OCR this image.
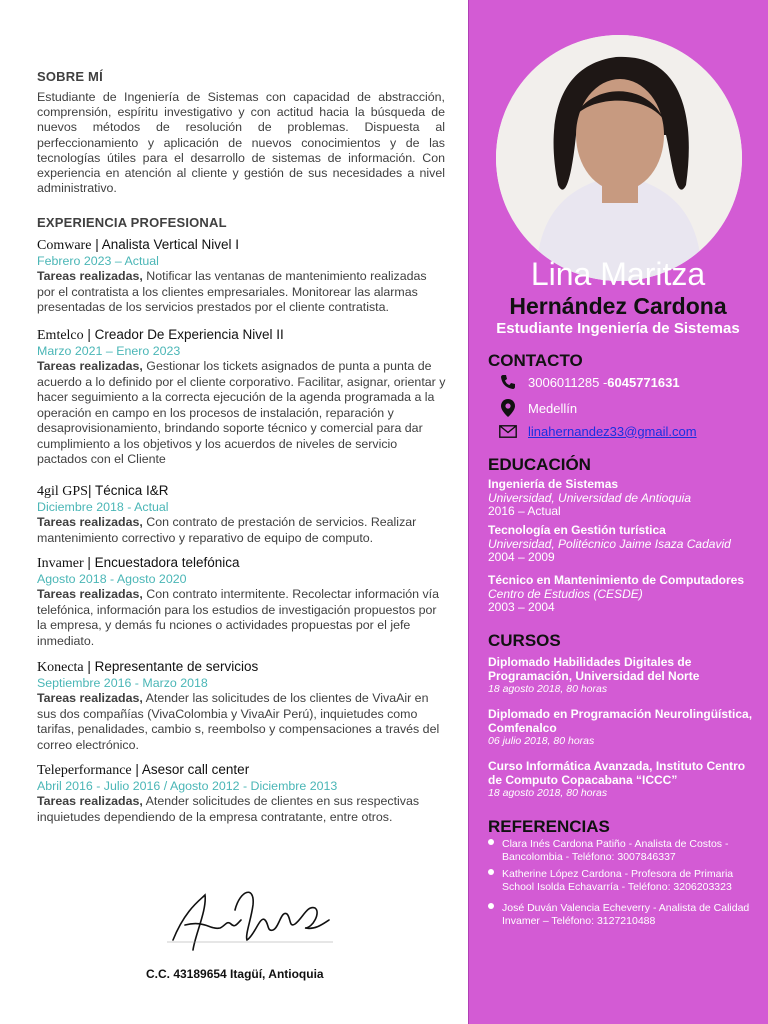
SOBRE MÍ
Estudiante de Ingeniería de Sistemas con capacidad de abstracción, comprensión, espíritu investigativo y con actitud hacia la búsqueda de nuevos métodos de resolución de problemas. Dispuesta al perfeccionamiento y aplicación de nuevos conocimientos y de las tecnologías útiles para el desarrollo de sistemas de información. Con experiencia en atención al cliente y gestión de sus necesidades a nivel administrativo.
EXPERIENCIA PROFESIONAL
Comware | Analista Vertical Nivel I
Febrero 2023 – Actual
Tareas realizadas, Notificar las ventanas de mantenimiento realizadas por el contratista a los clientes empresariales. Monitorear las alarmas presentadas de los servicios prestados por el cliente contratista.
Emtelco | Creador De Experiencia Nivel II
Marzo 2021 – Enero 2023
Tareas realizadas, Gestionar los tickets asignados de punta a punta de acuerdo a lo definido por el cliente corporativo. Facilitar, asignar, orientar y hacer seguimiento a la correcta ejecución de la agenda programada a la operación en campo en los procesos de instalación, reparación y desaprovisionamiento, brindando soporte técnico y comercial para dar cumplimiento a los objetivos y los acuerdos de niveles de servicio pactados con el Cliente
4gil GPS| Técnica I&R
Diciembre 2018 - Actual
Tareas realizadas, Con contrato de prestación de servicios. Realizar mantenimiento correctivo y reparativo de equipo de computo.
Invamer | Encuestadora telefónica
Agosto 2018 - Agosto 2020
Tareas realizadas, Con contrato intermitente. Recolectar información vía telefónica, información para los estudios de investigación propuestos por la empresa, y demás fu nciones o actividades propuestas por el jefe inmediato.
Konecta | Representante de servicios
Septiembre 2016 - Marzo 2018
Tareas realizadas, Atender las solicitudes de los clientes de VivaAir en sus dos compañías (VivaColombia y VivaAir Perú), inquietudes como tarifas, penalidades, cambio s, reembolso y compensaciones a través del correo electrónico.
Teleperformance | Asesor call center
Abril 2016 - Julio 2016 / Agosto 2012 - Diciembre 2013
Tareas realizadas, Atender solicitudes de clientes en sus respectivas inquietudes dependiendo de la empresa contratante, entre otros.
C.C. 43189654 Itagüí, Antioquia
Lina Maritza
Hernández Cardona
Estudiante Ingeniería de Sistemas
CONTACTO
3006011285 - 6045771631
Medellín
linahernandez33@gmail.com
EDUCACIÓN
Ingeniería de Sistemas
Universidad, Universidad de Antioquia
2016 – Actual
Tecnología en Gestión turística
Universidad, Politécnico Jaime Isaza Cadavid
2004 – 2009
Técnico en Mantenimiento de Computadores
Centro de Estudios (CESDE)
2003 – 2004
CURSOS
Diplomado Habilidades Digitales de Programación, Universidad del Norte
18 agosto 2018, 80 horas
Diplomado en Programación Neurolingüística, Comfenalco
06 julio 2018, 80 horas
Curso Informática Avanzada, Instituto Centro de Computo Copacabana “ICCC”
18 agosto 2018, 80 horas
REFERENCIAS
Clara Inés Cardona Patiño - Analista de Costos - Bancolombia - Teléfono: 3007846337
Katherine López Cardona - Profesora de Primaria School Isolda Echavarría - Teléfono: 3206203323
José Duván Valencia Echeverry - Analista de Calidad Invamer – Teléfono: 3127210488
